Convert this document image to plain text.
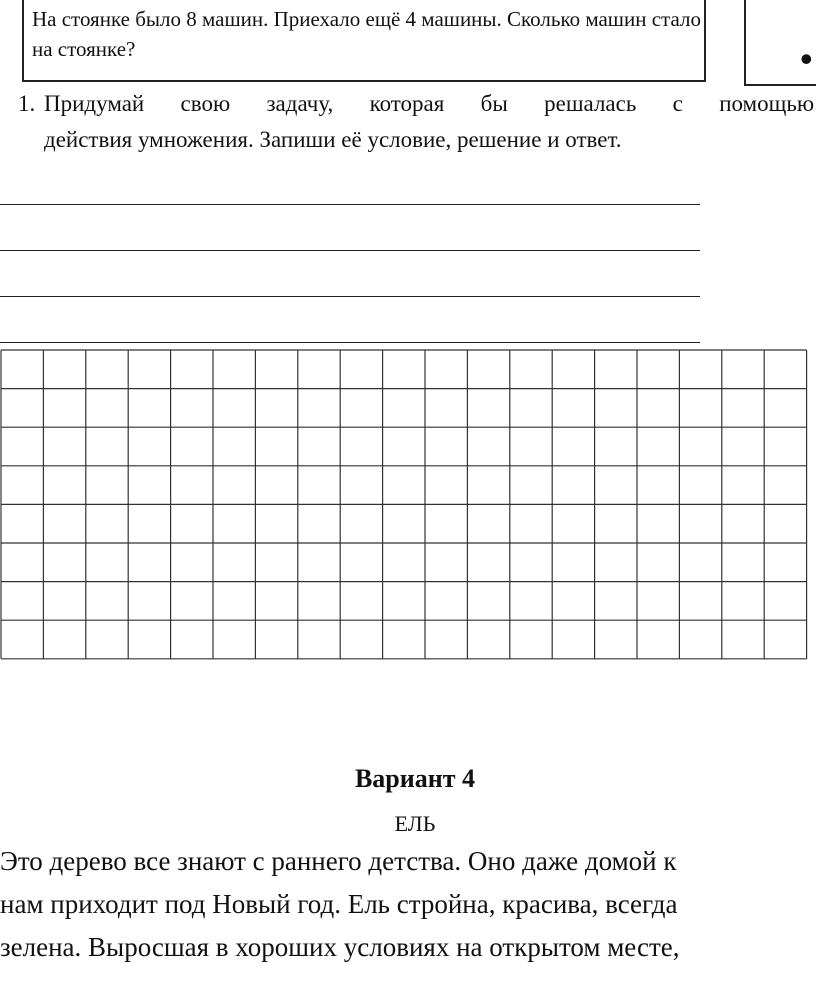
На стоянке было 8 машин. Приехало ещё 4 машины. Сколько машин стало на стоянке?	•
1. Придумай свою задачу, которая бы решалась с помощью
действия умножения. Запиши её условие, решение и ответ.
Вариант 4
ЕЛЬ
Это дерево все знают с раннего детства. Оно даже домой к
нам приходит под Новый год. Ель стройна, красива, всегда
зелена. Выросшая в хороших условиях на открытом месте,
